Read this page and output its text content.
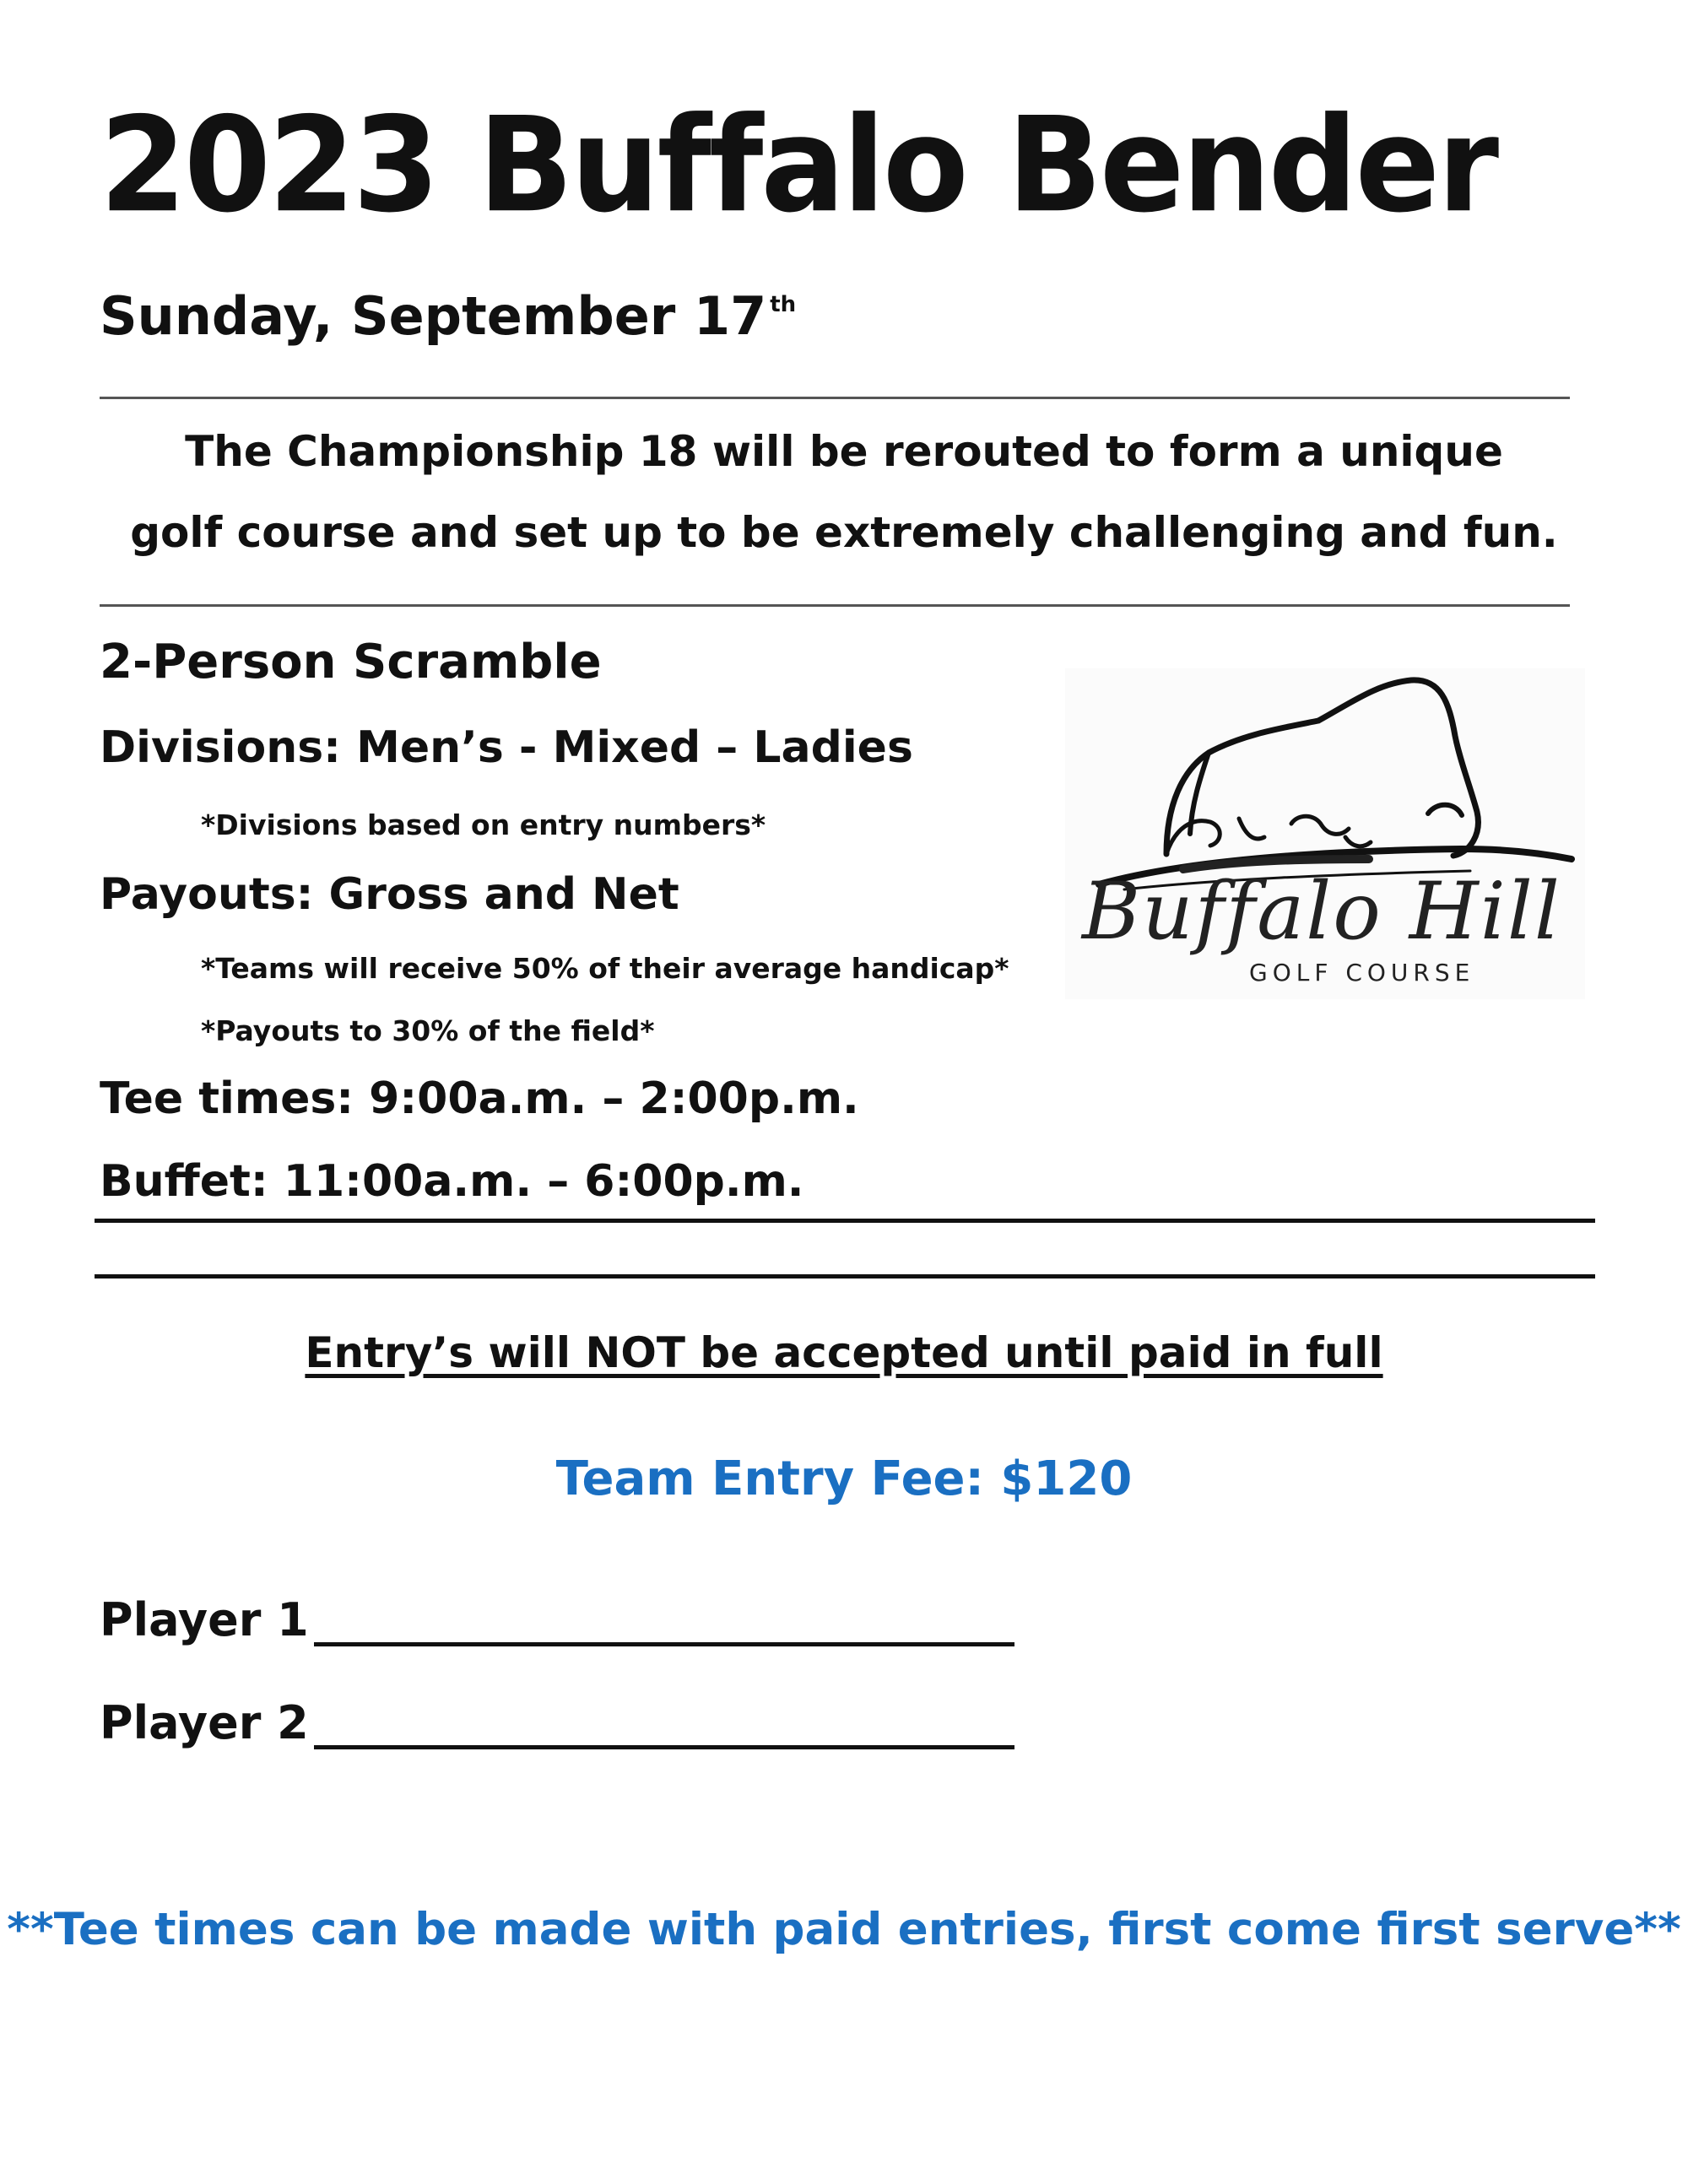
2023 Buffalo Bender
Sunday, September 17 $^{th}$
The Championship 18 will be rerouted to form a unique
golf course and set up to be extremely challenging and fun.
2-Person Scramble
Divisions: Men’s - Mixed – Ladies
*Divisions based on entry numbers*
Payouts: Gross and Net
*Teams will receive 50% of their average handicap*
*Payouts to 30% of the field*
Tee times: 9:00a.m. – 2:00p.m.
Buffet: 11:00a.m. – 6:00p.m.
Buffalo Hill
GOLF COURSE
Entry’s will NOT be accepted until paid in full
Team Entry Fee: $120
Player 1
Player 2
**Tee times can be made with paid entries, first come first serve**
